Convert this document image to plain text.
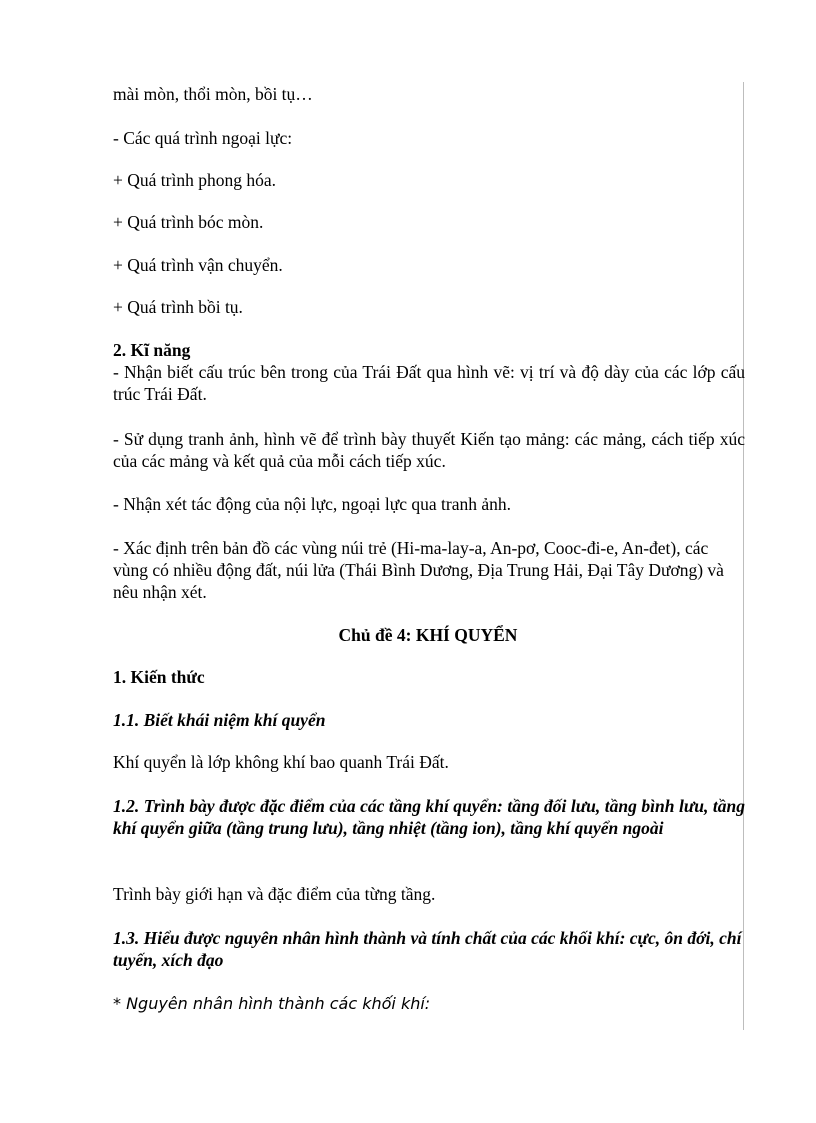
mài mòn, thổi mòn, bồi tụ…

- Các quá trình ngoại lực:

+ Quá trình phong hóa.

+ Quá trình bóc mòn.

+ Quá trình vận chuyển.

+ Quá trình bồi tụ.

2. Kĩ năng

- Nhận biết cấu trúc bên trong của Trái Đất qua hình vẽ: vị trí và độ dày của các lớp cấu trúc Trái Đất.

- Sử dụng tranh ảnh, hình vẽ để trình bày thuyết Kiến tạo mảng: các mảng, cách tiếp xúc của các mảng và kết quả của mỗi cách tiếp xúc.

- Nhận xét tác động của nội lực, ngoại lực qua tranh ảnh.

- Xác định trên bản đồ các vùng núi trẻ (Hi-ma-lay-a, An-pơ, Cooc-đi-e, An-đet), các vùng có nhiều động đất, núi lửa (Thái Bình Dương, Địa Trung Hải, Đại Tây Dương) và nêu nhận xét.

Chủ đề 4: KHÍ QUYỂN

1. Kiến thức

1.1. Biết khái niệm khí quyển

Khí quyển là lớp không khí bao quanh Trái Đất.

1.2. Trình bày được đặc điểm của các tầng khí quyển: tầng đối lưu, tầng bình lưu, tầng khí quyển giữa (tầng trung lưu), tầng nhiệt (tầng ion), tầng khí quyển ngoài

Trình bày giới hạn và đặc điểm của từng tầng.

1.3. Hiểu được nguyên nhân hình thành và tính chất của các khối khí: cực, ôn đới, chí tuyến, xích đạo

* Nguyên nhân hình thành các khối khí:
